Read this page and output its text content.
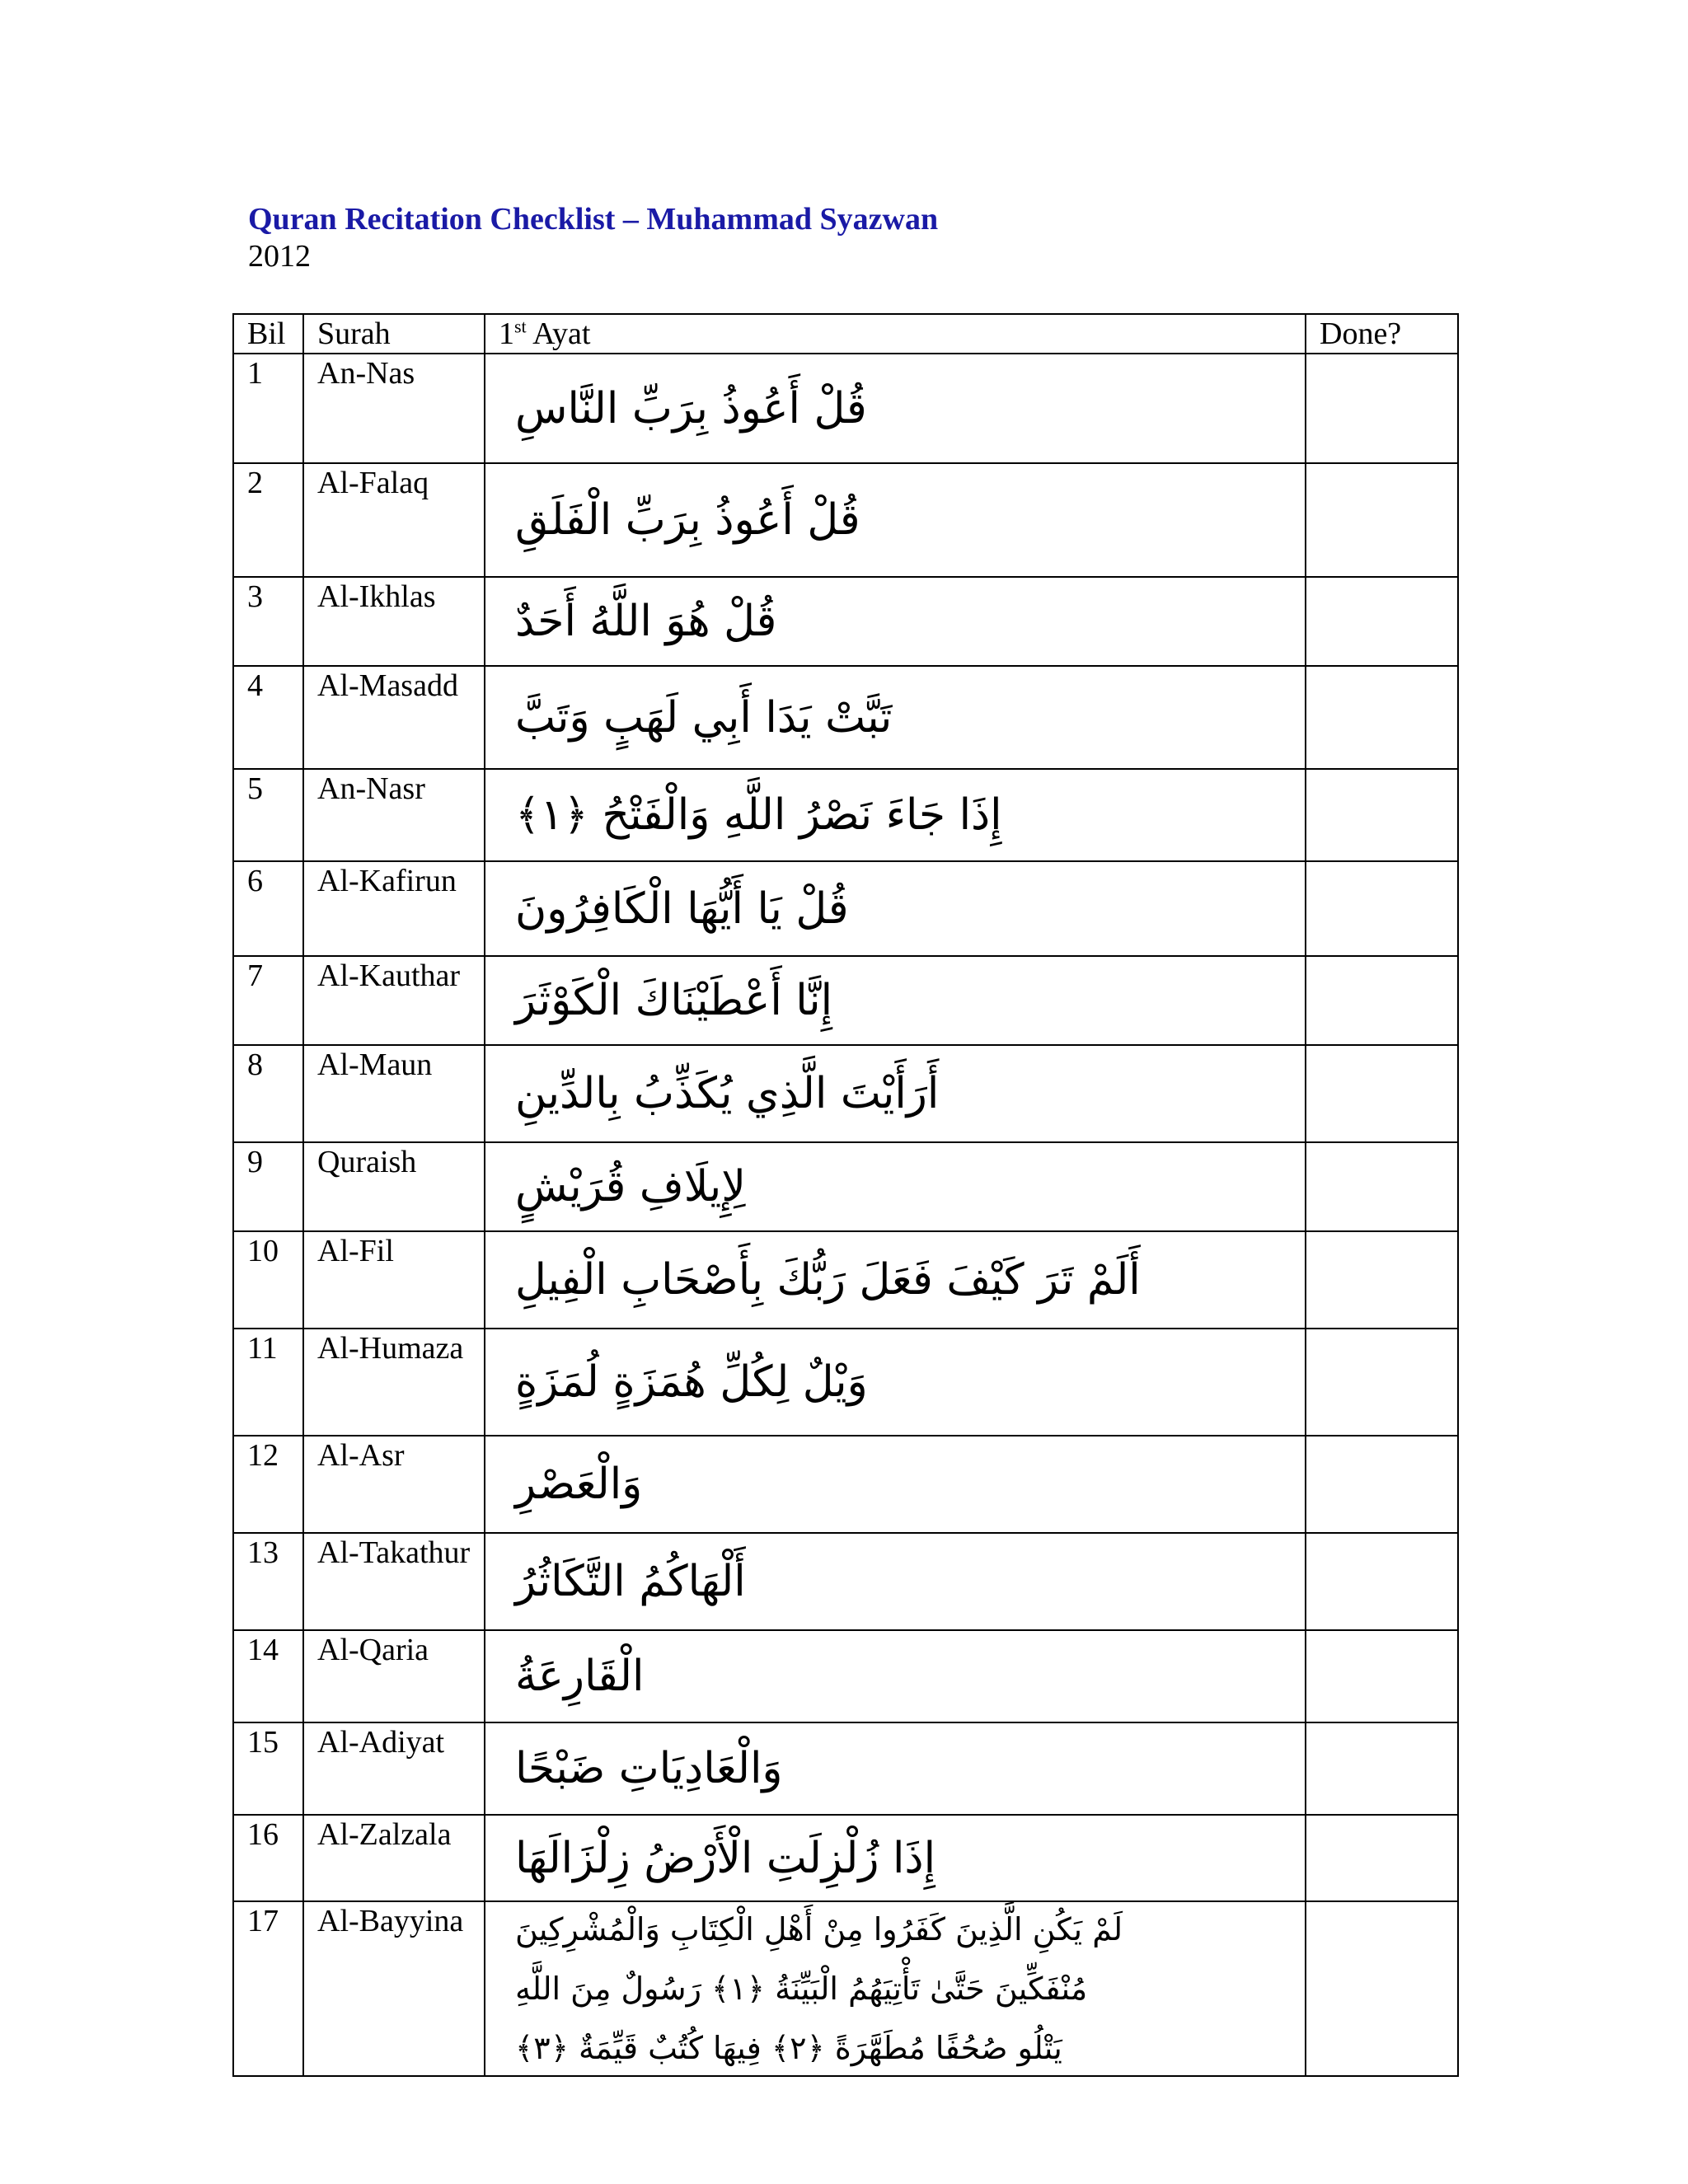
Quran Recitation Checklist – Muhammad Syazwan
2012
Bil	Surah	1st Ayat	Done?
1	An-Nas	قُلْ أَعُوذُ بِرَبِّ النَّاسِ	

2	Al-Falaq	قُلْ أَعُوذُ بِرَبِّ الْفَلَقِ	

3	Al-Ikhlas	قُلْ هُوَ اللَّهُ أَحَدٌ	

4	Al-Masadd	تَبَّتْ يَدَا أَبِي لَهَبٍ وَتَبَّ	

5	An-Nasr	إِذَا جَاءَ نَصْرُ اللَّهِ وَالْفَتْحُ ﴿١﴾	

6	Al-Kafirun	قُلْ يَا أَيُّهَا الْكَافِرُونَ	

7	Al-Kauthar	إِنَّا أَعْطَيْنَاكَ الْكَوْثَرَ	

8	Al-Maun	أَرَأَيْتَ الَّذِي يُكَذِّبُ بِالدِّينِ	

9	Quraish	لِإِيلَافِ قُرَيْشٍ	

10	Al-Fil	أَلَمْ تَرَ كَيْفَ فَعَلَ رَبُّكَ بِأَصْحَابِ الْفِيلِ	

11	Al-Humaza	وَيْلٌ لِكُلِّ هُمَزَةٍ لُمَزَةٍ	

12	Al-Asr	وَالْعَصْرِ	

13	Al-Takathur	أَلْهَاكُمُ التَّكَاثُرُ	

14	Al-Qaria	الْقَارِعَةُ	

15	Al-Adiyat	وَالْعَادِيَاتِ ضَبْحًا	

16	Al-Zalzala	إِذَا زُلْزِلَتِ الْأَرْضُ زِلْزَالَهَا	

17	Al-Bayyina	لَمْ يَكُنِ الَّذِينَ كَفَرُوا مِنْ أَهْلِ الْكِتَابِ وَالْمُشْرِكِينَ مُنْفَكِّينَ حَتَّىٰ تَأْتِيَهُمُ الْبَيِّنَةُ ﴿١﴾ رَسُولٌ مِنَ اللَّهِ يَتْلُو صُحُفًا مُطَهَّرَةً ﴿٢﴾ فِيهَا كُتُبٌ قَيِّمَةٌ ﴿٣﴾	
